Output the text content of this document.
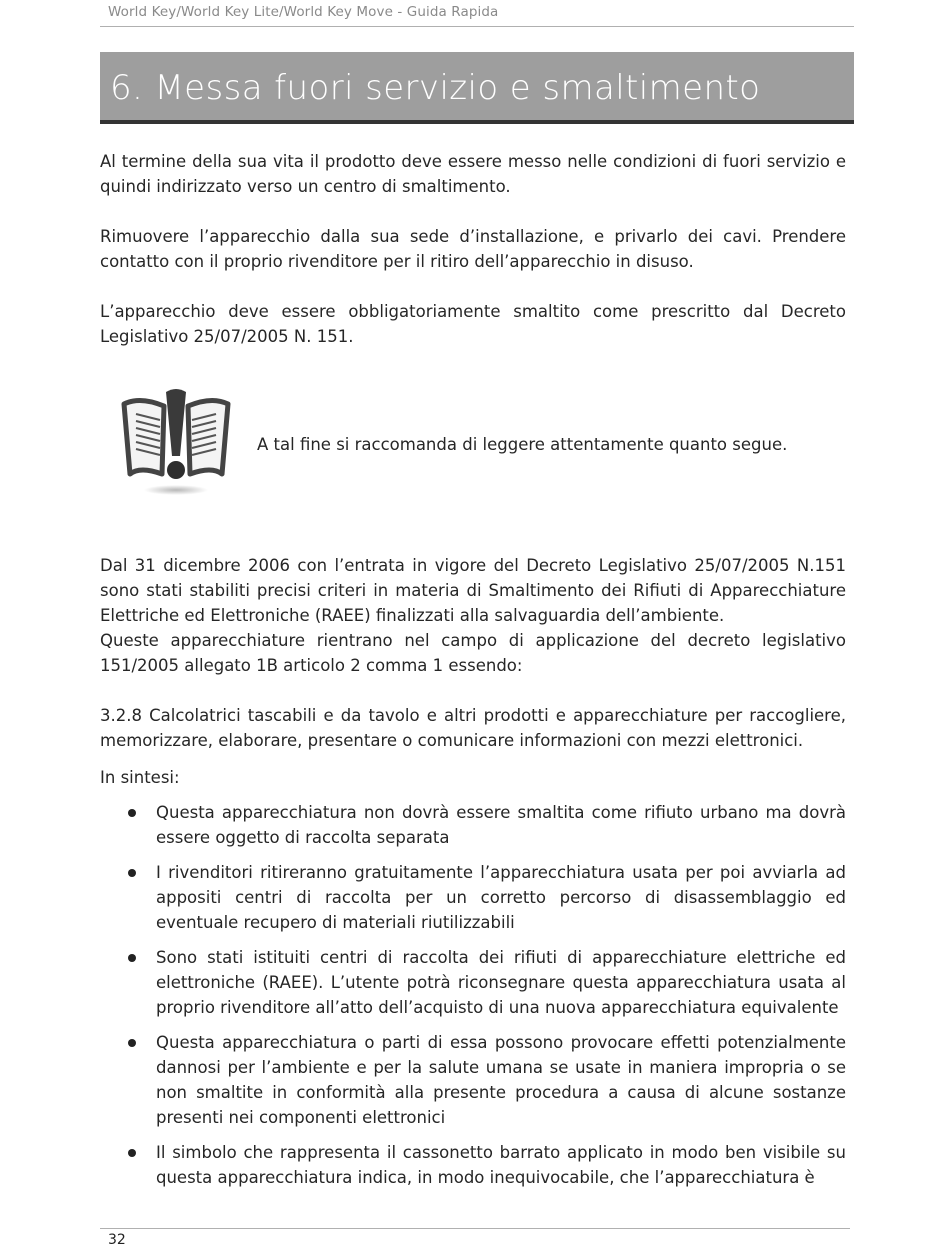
World Key/World Key Lite/World Key Move - Guida Rapida
6. Messa fuori servizio e smaltimento

Al termine della sua vita il prodotto deve essere messo nelle condizioni di fuori servizio e quindi indirizzato verso un centro di smaltimento.

Rimuovere l’apparecchio dalla sua sede d’installazione, e privarlo dei cavi. Prendere contatto con il proprio rivenditore per il ritiro dell’apparecchio in disuso.

L’apparecchio deve essere obbligatoriamente smaltito come prescritto dal Decreto Legislativo 25/07/2005 N. 151.

A tal fine si raccomanda di leggere attentamente quanto segue.

Dal 31 dicembre 2006 con l’entrata in vigore del Decreto Legislativo 25/07/2005 N.151 sono stati stabiliti precisi criteri in materia di Smaltimento dei Rifiuti di Apparecchiature Elettriche ed Elettroniche (RAEE) finalizzati alla salvaguardia dell’ambiente.

Queste apparecchiature rientrano nel campo di applicazione del decreto legislativo 151/2005 allegato 1B articolo 2 comma 1 essendo:

3.2.8 Calcolatrici tascabili e da tavolo e altri prodotti e apparecchiature per raccogliere, memorizzare, elaborare, presentare o comunicare informazioni con mezzi elettronici.

In sintesi:

Questa apparecchiatura non dovrà essere smaltita come rifiuto urbano ma dovrà essere oggetto di raccolta separata
I rivenditori ritireranno gratuitamente l’apparecchiatura usata per poi avviarla ad appositi centri di raccolta per un corretto percorso di disassemblaggio ed eventuale recupero di materiali riutilizzabili
Sono stati istituiti centri di raccolta dei rifiuti di apparecchiature elettriche ed elettroniche (RAEE). L’utente potrà riconsegnare questa apparecchiatura usata al proprio rivenditore all’atto dell’acquisto di una nuova apparecchiatura equivalente
Questa apparecchiatura o parti di essa possono provocare effetti potenzialmente dannosi per l’ambiente e per la salute umana se usate in maniera impropria o se non smaltite in conformità alla presente procedura a causa di alcune sostanze presenti nei componenti elettronici
Il simbolo che rappresenta il cassonetto barrato applicato in modo ben visibile su questa apparecchiatura indica, in modo inequivocabile, che l’apparecchiatura è
32
